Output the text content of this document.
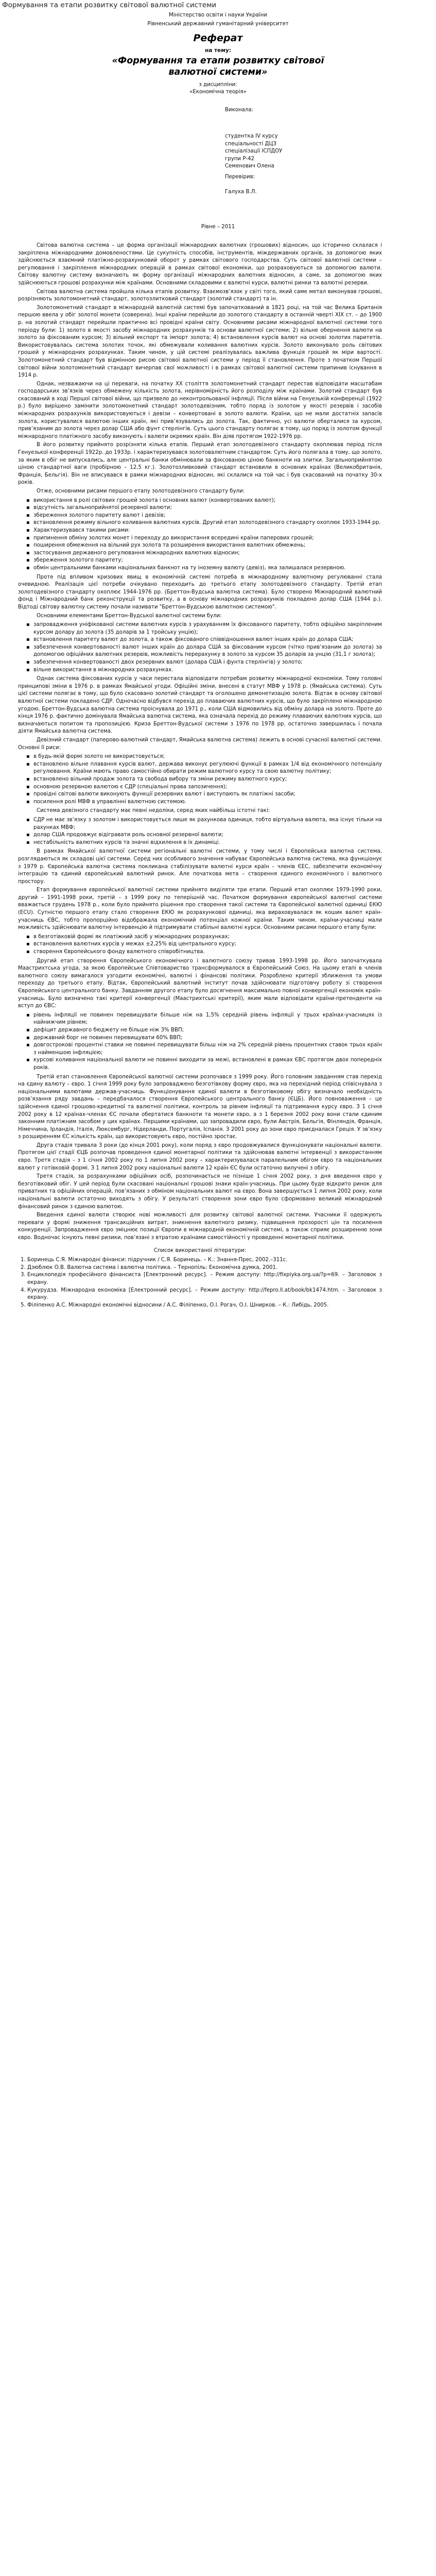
Формування та етапи розвитку світової валютної системи
Міністерство освіти і науки України
Рівненський державний гуманітарний університет
Реферат
на тему:
«Формування та етапи розвитку світової
валютної системи»
з дисципліни:
«Економічна теорія»
Виконала:
студентка IV курсу
спеціальності ДЦЗ
спеціалізації ІСПДОУ
групи Р-42
Семенович Олена
Перевірив:
Галуха В.Л.
Рівне – 2011

Світова валютна система – це форма організації міжнародних валютних (грошових) відносин, що історично склалася і закріплена міжнародними домовленостями. Це сукупність способів, інструментів, міждержавних органів, за допомогою яких здійснюється взаємний платіжно-розрахунковий оборот у рамках світового господарства. Суть світової валютної системи – регулювання і закріплення міжнародних операцій в рамках світової економіки, що розраховуються за допомогою валюти. Світову валютну систему визначають як форму організації міжнародних валютних відносин, а саме, за допомогою яких здійснюються грошові розрахунки між країнами. Основними складовими є валютні курси, валютні ринки та валютні резерви.

Світова валютна система пройшла кілька етапів розвитку. Взаємозв’язок у світі того, який саме метал виконував грошові, розрізняють золотомонетний стандарт, золотозлитковий стандарт (золотий стандарт) та ін.

Золотомонетний стандарт в міжнародній валютній системі був започаткований в 1821 році, на той час Велика Британія першою ввела у обіг золотої монети (соверена). Інші країни перейшли до золотого стандарту в останній чверті XIX ст. – до 1900 р. на золотий стандарт перейшли практично всі провідні країни світу. Основними рисами міжнародної валютної системи того періоду були: 1) золото в якості засобу міжнародних розрахунків та основи валютної системи; 2) вільне обернення валюти на золото за фіксованим курсом; 3) вільний експорт та імпорт золота; 4) встановлення курсів валют на основі золотих паритетів. Використовувалась система золотих точок, які обмежували коливання валютних курсів. Золото виконувало роль світових грошей у міжнародних розрахунках. Таким чином, у цій системі реалізувалась важлива функція грошей як міри вартості. Золотомонетний стандарт був відмінною рисою світової валютної системи у період її становлення. Проте з початком Першої світової війни золотомонетний стандарт вичерпав свої можливості і в рамках світової валютної системи припинив існування в 1914 р.

Однак, незважаючи на ці переваги, на початку XX століття золотомонетний стандарт перестав відповідати масштабам господарських зв’язків через обмежену кількість золота, нерівномірність його розподілу між країнами. Золотий стандарт був скасований в ході Першої світової війни, що призвело до неконтрольованої інфляції. Після війни на Генуезькій конференції (1922 р.) було вирішено замінити золотомонетний стандарт золотодевізним, тобто поряд із золотом у якості резервів і засобів міжнародних розрахунків використовуються і девізи – конвертовані в золото валюти. Країни, що не мали достатніх запасів золота, користувалися валютою інших країн, які прив’язувались до золота. Так, фактично, усі валюти оберталися за курсом, прив’язаним до золота через долар США або фунт стерлінгів. Суть цього стандарту полягає в тому, що поряд із золотом функції міжнародного платіжного засобу виконують і валюти окремих країн. Він діяв протягом 1922-1976 рр.

В його розвитку прийнято розрізняти кілька етапів. Перший етап золотодевізного стандарту охоплював період після Генуезької конференції 1922р. до 1933р. і характеризувався золотовалютним стандартом. Суть його полягала в тому, що золото, за яким в обіг не випускались, але центральні банки обмінювали за фіксованою ціною банкноти на злитки. Загальноприйнятою ціною стандартної ваги (пробірною – 12,5 кг.). Золотозливковий стандарт встановили в основних країнах (Великобританія, Франція, Бельгія). Він не вписувався в рамки міжнародних відносин, які склалися на той час і був скасований на початку 30-х років.

Отже, основними рисами першого етапу золотодевізного стандарту були:

▪ використання в ролі світових грошей золота і основних валют (конвертованих валют);
▪ відсутність загальноприйнятої резервної валюти;
▪ збереження золотого паритету валют і девізів;
▪ встановлення режиму вільного коливання валютних курсів. Другий етап золотодевізного стандарту охоплює 1933-1944 рр.
▪ Характеризувався такими рисами:
▪ припинення обміну золотих монет і переходу до використання всередині країни паперових грошей;
▪ поширення обмеження на вільний рух золота та розширення використання валютних обмежень;
▪ застосування державного регулювання міжнародних валютних відносин;
▪ збереження золотого паритету;
▪ обмін центральними банками національних банкнот на ту іноземну валюту (девіз), яка залишалася резервною.

Проте під впливом кризових явищ в економічній системі потреба в міжнародному валютному регулюванні стала очевидною. Реалізація цієї потреби очікувано переходить до третього етапу золотодевізного стандарту. Третій етап золотодевізного стандарту охоплює 1944-1976 рр. (Бреттон-Вудська валютна система). Було створено Міжнародний валютний фонд і Міжнародний банк реконструкції та розвитку, а в основу міжнародних розрахунків покладено долар США (1944 р.). Відтоді світову валютну систему почали називати "Бреттон-Вудською валютною системою".

Основними елементами Бреттон-Вудської валютної системи були:

▪ запровадження уніфікованої системи валютних курсів з урахуванням їх фіксованого паритету, тобто офіційно закріпленим курсом долару до золота (35 доларів за 1 тройську унцію);
▪ встановлення паритету валют до золота, а також фіксованого співвідношення валют інших країн до долара США;
▪ забезпечення конвертованості валют інших країн до долара США за фіксованим курсом (чітко прив’язаним до золота) за допомогою офіційних валютних резервів, можливість перерахунку в золото за курсом 35 доларів за унцію (31,1 г золота);
▪ забезпечення конвертованості двох резервних валют (долара США і фунта стерлінгів) у золото;
▪ вільне використання в міжнародних розрахунках.

Однак система фіксованих курсів у часи перестала відповідати потребам розвитку міжнародної економіки. Тому головні принципові зміни в 1976 р. в рамках Ямайської угоди. Офіційні зміни, внесені в статут МВФ у 1978 р. (Ямайська система). Суть цієї системи полягає в тому, що було скасовано золотий стандарт та оголошено демонетизацію золота. Відтак в основу світової валютної системи покладено СДР. Одночасно відбувся перехід до плаваючих валютних курсів, що було закріплено міжнародною угодою. Бреттон-Вудська валютна система проіснувала до 1971 р., коли США відмовились від обміну долара на золото. Проте до кінця 1976 р. фактично домінувала Ямайська валютна система, яка означала перехід до режиму плаваючих валютних курсів, що визначаються попитом та пропозицією. Криза Бреттон-Вудської системи з 1976 по 1978 рр. остаточно завершилась і почала діяти Ямайська валютна система.

Девізний стандарт (паперово-валютний стандарт, Ямайська валютна система) лежить в основі сучасної валютної системи. Основні її риси:

▪ в будь-якій формі золото не використовується;
▪ встановлено вільне плавання курсів валют, держава виконує регулюючі функції в рамках 1/4 від економічного потенціалу регулювання. Країни мають право самостійно обирати режим валютного курсу та свою валютну політику;
▪ встановлено вільний продаж золота та свобода вибору та зміни режиму валютного курсу;
▪ основною резервною валютою є СДР (спеціальні права запозичення);
▪ провідні світові валюти виконують функції резервних валют і виступають як платіжні засоби;
▪ посилення ролі МВФ в управлінні валютною системою.

Система девізного стандарту має певні недоліки, серед яких найбільш істотні такі:

▪ СДР не має зв’язку з золотом і використовується лише як рахункова одиниця, тобто віртуальна валюта, яка існує тільки на рахунках МВФ;
▪ долар США продовжує відігравати роль основної резервної валюти;
▪ нестабільність валютних курсів та значні відхилення в їх динаміці.

В рамках Ямайської валютної системи регіональні валютні системи, у тому числі і Європейська валютна система, розглядаються як складові цієї системи. Серед них особливого значення набуває Європейська валютна система, яка функціонує з 1979 р. Європейська валютна система покликана стабілізувати валютні курси країн – членів ЄЕС, забезпечити економічну інтеграцію та єдиний європейський валютний ринок. Але початкова мета – створення єдиного економічного і валютного простору.

Етап формування європейської валютної системи прийнято виділяти три етапи. Перший етап охоплює 1979-1990 роки, другий – 1991-1998 роки, третій – з 1999 року по теперішній час. Початком формування європейської валютної системи вважається грудень 1978 р., коли було прийнято рішення про створення такої системи та Європейської валютної одиниці ЕКЮ (ECU). Сутністю першого етапу стало створення ЕКЮ як розрахункової одиниці, яка вираховувалася як кошик валют країн-учасниць ЄВС, тобто пропорційно відображала економічний потенціал кожної країни. Таким чином, країни-учасниці мали можливість здійснювати валютну інтервенцію й підтримувати стабільні валютні курси. Основними рисами першого етапу були:

▪ в безготівковій формі як платіжний засіб у міжнародних розрахунках;
▪ встановлення валютних курсів у межах ±2,25% від центрального курсу;
▪ створення Європейського фонду валютного співробітництва.

Другий етап створення Європейського економічного і валютного союзу тривав 1993-1998 рр. Його започаткувала Маастрихтська угода, за якою Європейське Співтовариство трансформувалося в Європейський Союз. На цьому етапі в членів валютного союзу вимагалося узгодити економічні, валютні і фінансові політики. Розроблено критерії зближення та умови переходу до третього етапу. Відтак, Європейський валютний інститут почав здійснювати підготовчу роботу зі створення Європейського центрального банку. Завданням другого етапу було досягнення максимально повної конвергенції економік країн-учасниць. Було визначено такі критерії конвергенції (Маастрихтські критерії), яким мали відповідати країни-претенденти на вступ до ЄВС:

▪ рівень інфляції не повинен перевищувати більше ніж на 1,5% середній рівень інфляції у трьох країнах-учасницях із найнижчим рівнем;
▪ дефіцит державного бюджету не більше ніж 3% ВВП;
▪ державний борг не повинен перевищувати 60% ВВП;
▪ довгострокові процентні ставки не повинні перевищувати більш ніж на 2% середній рівень процентних ставок трьох країн з найменшою інфляцією;
▪ курсові коливання національної валюти не повинні виходити за межі, встановлені в рамках ЄВС протягом двох попередніх років.

Третій етап становлення Європейської валютної системи розпочався з 1999 року. Його головним завданням став перехід на єдину валюту – євро. 1 січня 1999 року було запроваджено безготівкову форму євро, яка на перехідний період співіснувала з національними валютами держав-учасниць. Функціонування єдиної валюти в безготівковому обігу визначало необхідність розв’язання ряду завдань – передбачалося створення Європейського центрального банку (ЄЦБ). Його повноваження – це здійснення єдиної грошово-кредитної та валютної політики, контроль за рівнем інфляції та підтримання курсу євро. З 1 січня 2002 року в 12 країнах-членах ЄС почали обертатися банкноти та монети євро, а з 1 березня 2002 року вони стали єдиним законним платіжним засобом у цих країнах. Першими країнами, що запровадили євро, були Австрія, Бельгія, Фінляндія, Франція, Німеччина, Ірландія, Італія, Люксембург, Нідерланди, Португалія, Іспанія. З 2001 року до зони євро приєдналася Греція. У зв’язку з розширенням ЄС кількість країн, що використовують євро, постійно зростає.

Друга стадія тривала 3 роки (до кінця 2001 року), коли поряд з євро продовжувалися функціонувати національні валюти. Протягом цієї стадії ЄЦБ розпочав проведення єдиної монетарної політики та здійснював валютні інтервенції з використанням євро. Третя стадія – з 1 січня 2002 року по 1 липня 2002 року – характеризувалася паралельним обігом євро та національних валют у готівковій формі. З 1 липня 2002 року національні валюти 12 країн ЄС були остаточно вилучені з обігу.

Третя стадія, за розрахунками офіційних осіб, розпочинається не пізніше 1 січня 2002 року, з дня введення євро у безготівковий обіг. У цей період були скасовані національні грошові знаки країн-учасниць. При цьому буде відкрито ринок для приватних та офіційних операцій, пов’язаних з обміном національних валют на євро. Вона завершується 1 липня 2002 року, коли національні валюти остаточно виходять з обігу. У результаті створення зони євро було сформовано великий міжнародний фінансовий ринок з єдиною валютою.

Введення єдиної валюти створює нові можливості для розвитку світової валютної системи. Учасники її одержують переваги у формі зниження трансакційних витрат, зникнення валютного ризику, підвищення прозорості цін та посилення конкуренції. Запровадження євро зміцнює позиції Європи в міжнародній економічній системі, а також сприяє розширенню зони євро. Водночас існують певні ризики, пов’язані з втратою країнами самостійності у проведенні монетарної політики.

Список використаної літератури:
1. Боринець С.Я. Міжнародні фінанси: підручник / С.Я. Боринець. – К.: Знання-Прес, 2002.–311с.
2. Дзюблюк О.В. Валютна система і валютна політика. – Тернопіль: Економічна думка, 2001.
3. Енциклопедія професійного фінансиста [Електронний ресурс]. – Режим доступу: http://fixpiyka.org.ua/?p=69. – Заголовок з екрану.
4. Кукурудза. Міжнародна економіка [Електронний ресурс]. – Режим доступу: http://fepro.ll.at/book/bk1474.htm. – Заголовок з екрану.
5. Філіпенко А.С. Міжнародні економічні відносини / А.С. Філіпенко, О.І. Рогач, О.І. Шнирков. – К.: Либідь, 2005.
